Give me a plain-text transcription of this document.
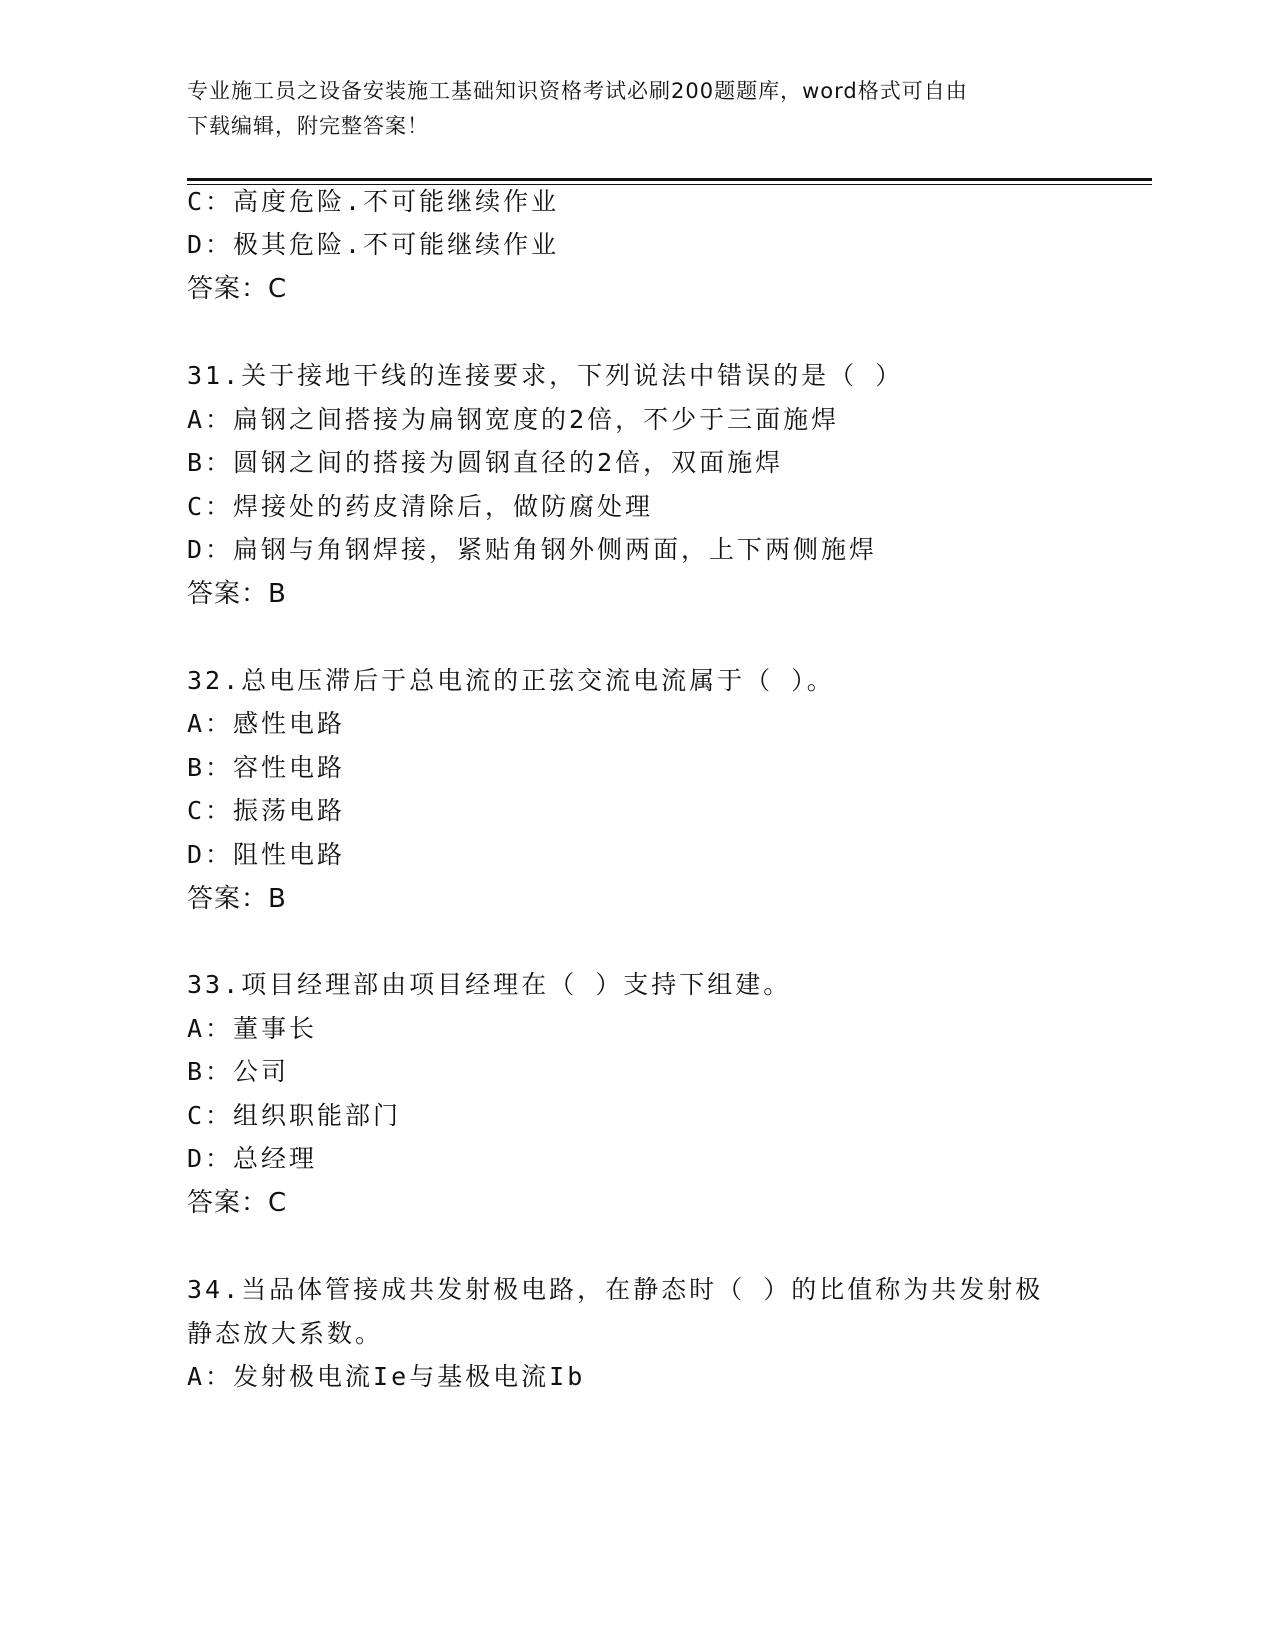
专业施工员之设备安装施工基础知识资格考试必刷200题题库，word格式可自由
下载编辑，附完整答案！
C：高度危险.不可能继续作业
D：极其危险.不可能继续作业
答案：C
31.关于接地干线的连接要求，下列说法中错误的是（ ）
A：扁钢之间搭接为扁钢宽度的2倍，不少于三面施焊
B：圆钢之间的搭接为圆钢直径的2倍，双面施焊
C：焊接处的药皮清除后，做防腐处理
D：扁钢与角钢焊接，紧贴角钢外侧两面，上下两侧施焊
答案：B
32.总电压滞后于总电流的正弦交流电流属于（ ）。
A：感性电路
B：容性电路
C：振荡电路
D：阻性电路
答案：B
33.项目经理部由项目经理在（ ）支持下组建。
A：董事长
B：公司
C：组织职能部门
D：总经理
答案：C
34.当品体管接成共发射极电路，在静态时（ ）的比值称为共发射极
静态放大系数。
A：发射极电流Ie与基极电流Ib
